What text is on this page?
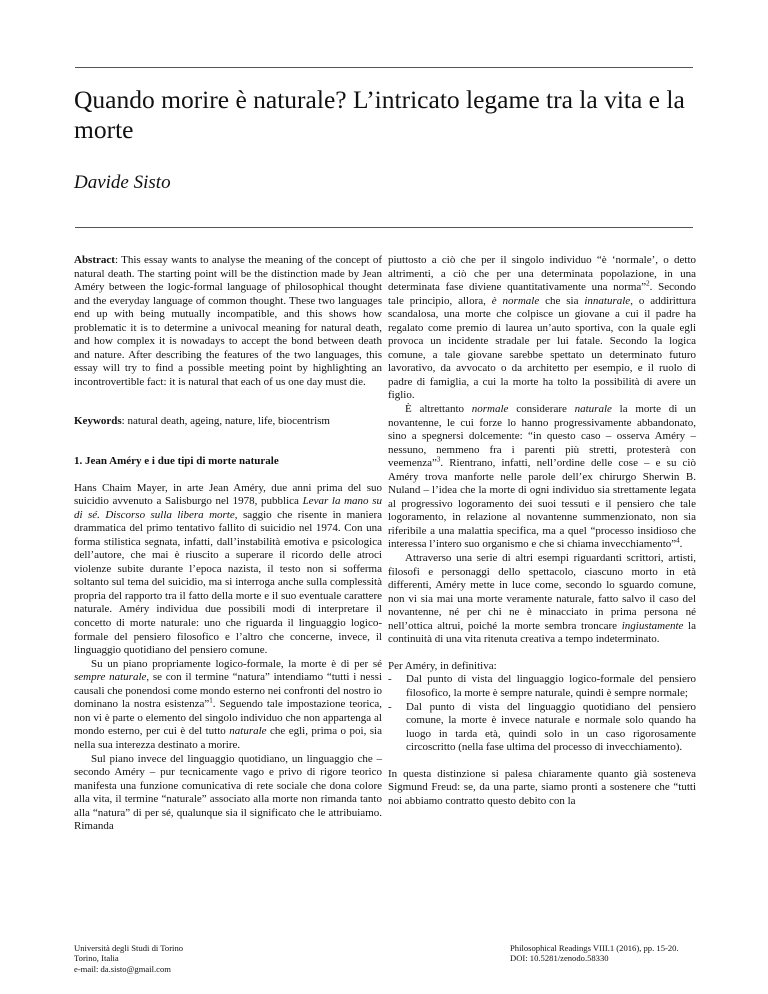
Quando morire è naturale? L’intricato legame tra la vita e la morte
Davide Sisto

Abstract: This essay wants to analyse the meaning of the concept of natural death. The starting point will be the distinction made by Jean Améry between the logic-formal language of philosophical thought and the everyday language of common thought. These two languages end up with being mutually incompatible, and this shows how problematic it is to determine a univocal meaning for natural death, and how complex it is nowadays to accept the bond between death and nature. After describing the features of the two languages, this essay will try to find a possible meeting point by highlighting an incontrovertible fact: it is natural that each of us one day must die.

Keywords: natural death, ageing, nature, life, biocentrism

1. Jean Améry e i due tipi di morte naturale

Hans Chaim Mayer, in arte Jean Améry, due anni prima del suo suicidio avvenuto a Salisburgo nel 1978, pubblica Levar la mano su di sé. Discorso sulla libera morte, saggio che risente in maniera drammatica del primo tentativo fallito di suicidio nel 1974. Con una forma stilistica segnata, infatti, dall’instabilità emotiva e psicologica dell’autore, che mai è riuscito a superare il ricordo delle atroci violenze subite durante l’epoca nazista, il testo non si sofferma soltanto sul tema del suicidio, ma si interroga anche sulla complessità propria del rapporto tra il fatto della morte e il suo eventuale carattere naturale. Améry individua due possibili modi di interpretare il concetto di morte naturale: uno che riguarda il linguaggio logico-formale del pensiero filosofico e l’altro che concerne, invece, il linguaggio quotidiano del pensiero comune.

Su un piano propriamente logico-formale, la morte è di per sé sempre naturale, se con il termine “natura” intendiamo “tutti i nessi causali che ponendosi come mondo esterno nei confronti del nostro io dominano la nostra esistenza”$^1$. Seguendo tale impostazione teorica, non vi è parte o elemento del singolo individuo che non appartenga al mondo esterno, per cui è del tutto naturale che egli, prima o poi, sia nella sua interezza destinato a morire.

Sul piano invece del linguaggio quotidiano, un linguaggio che – secondo Améry – pur tecnicamente vago e privo di rigore teorico manifesta una funzione comunicativa di rete sociale che dona colore alla vita, il termine “naturale” associato alla morte non rimanda tanto alla “natura” di per sé, qualunque sia il significato che le attribuiamo. Rimanda

piuttosto a ciò che per il singolo individuo “è ‘normale’, o detto altrimenti, a ciò che per una determinata popolazione, in una determinata fase diviene quantitativamente una norma”$^2$. Secondo tale principio, allora, è normale che sia innaturale, o addirittura scandalosa, una morte che colpisce un giovane a cui il padre ha regalato come premio di laurea un’auto sportiva, con la quale egli provoca un incidente stradale per lui fatale. Secondo la logica comune, a tale giovane sarebbe spettato un determinato futuro lavorativo, da avvocato o da architetto per esempio, e il ruolo di padre di famiglia, a cui la morte ha tolto la possibilità di avere un figlio.

È altrettanto normale considerare naturale la morte di un novantenne, le cui forze lo hanno progressivamente abbandonato, sino a spegnersi dolcemente: “in questo caso – osserva Améry – nessuno, nemmeno fra i parenti più stretti, protesterà con veemenza”$^3$. Rientrano, infatti, nell’ordine delle cose – e su ciò Améry trova manforte nelle parole dell’ex chirurgo Sherwin B. Nuland – l’idea che la morte di ogni individuo sia strettamente legata al progressivo logoramento dei suoi tessuti e il pensiero che tale logoramento, in relazione al novantenne summenzionato, non sia riferibile a una malattia specifica, ma a quel “processo insidioso che interessa l’intero suo organismo e che si chiama invecchiamento”$^4$.

Attraverso una serie di altri esempi riguardanti scrittori, artisti, filosofi e personaggi dello spettacolo, ciascuno morto in età differenti, Améry mette in luce come, secondo lo sguardo comune, non vi sia mai una morte veramente naturale, fatto salvo il caso del novantenne, né per chi ne è minacciato in prima persona né nell’ottica altrui, poiché la morte sembra troncare ingiustamente la continuità di una vita ritenuta creativa a tempo indeterminato.

Per Améry, in definitiva:

- Dal punto di vista del linguaggio logico-formale del pensiero filosofico, la morte è sempre naturale, quindi è sempre normale;
- Dal punto di vista del linguaggio quotidiano del pensiero comune, la morte è invece naturale e normale solo quando ha luogo in tarda età, quindi solo in un caso rigorosamente circoscritto (nella fase ultima del processo di invecchiamento).

In questa distinzione si palesa chiaramente quanto già sosteneva Sigmund Freud: se, da una parte, siamo pronti a sostenere che “tutti noi abbiamo contratto questo debito con la

Università degli Studi di Torino
Torino, Italia
e-mail: da.sisto@gmail.com
Philosophical Readings VIII.1 (2016), pp. 15-20.
DOI: 10.5281/zenodo.58330
